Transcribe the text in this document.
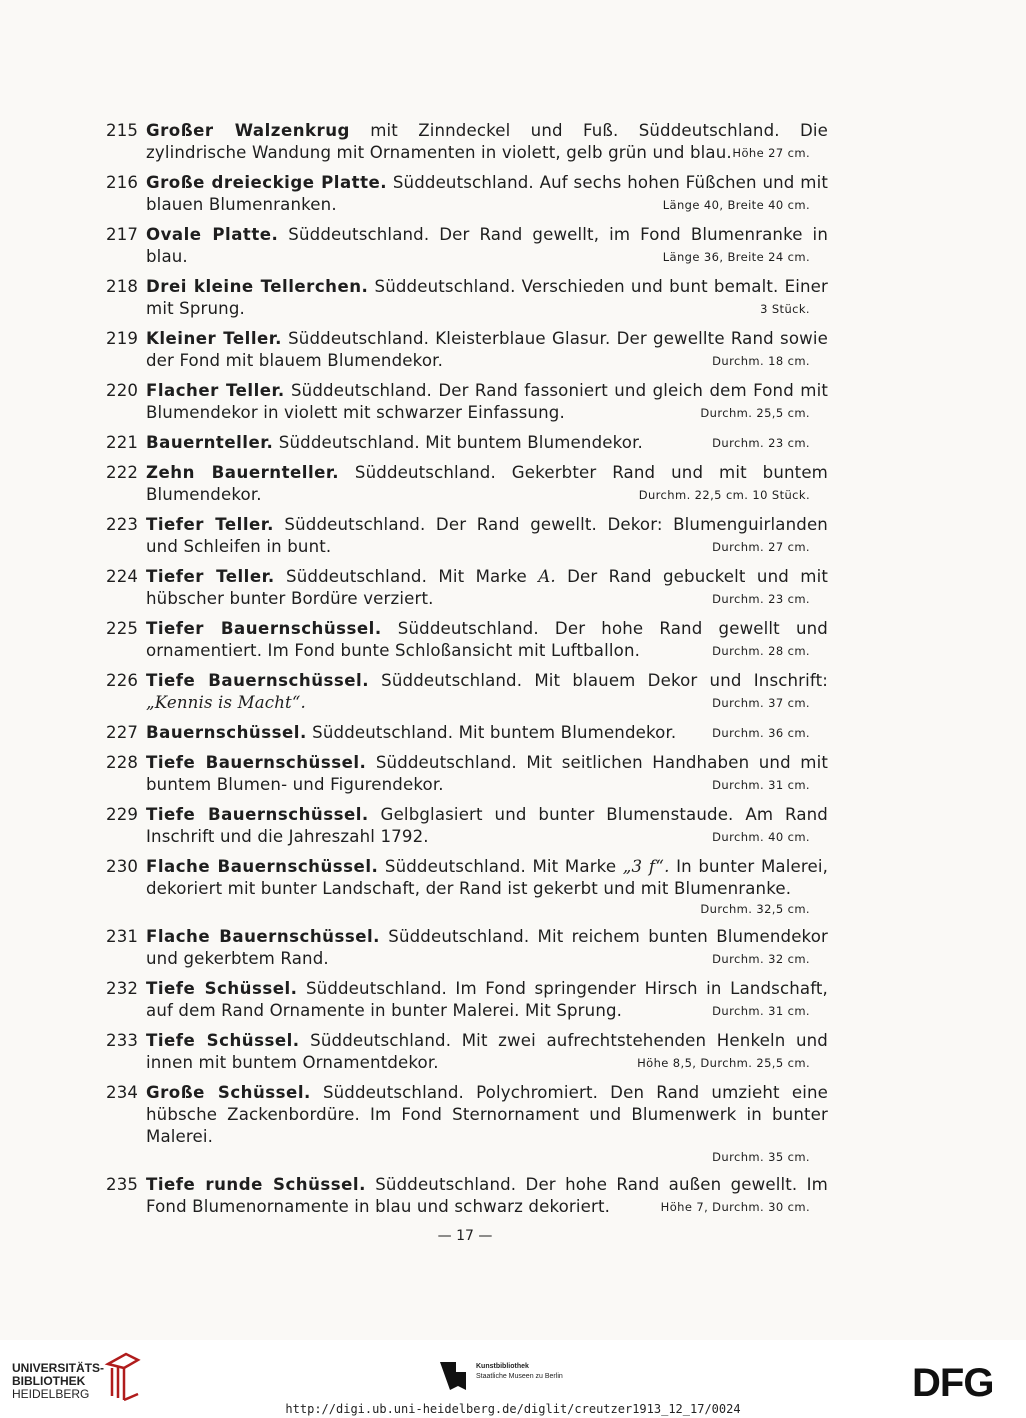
215 Großer Walzenkrug mit Zinndeckel und Fuß. Süddeutschland. Die zylindrische Wandung mit Ornamenten in violett, gelb grün und blau. Höhe 27 cm.
216 Große dreieckige Platte. Süddeutschland. Auf sechs hohen Füßchen und mit blauen Blumenranken.	Länge 40, Breite 40 cm.
217 Ovale Platte. Süddeutschland. Der Rand gewellt, im Fond Blumenranke in blau.	Länge 36, Breite 24 cm.
218 Drei kleine Tellerchen. Süddeutschland. Verschieden und bunt bemalt. Einer mit Sprung.	3 Stück.
219 Kleiner Teller. Süddeutschland. Kleisterblaue Glasur. Der gewellte Rand sowie der Fond mit blauem Blumendekor.	Durchm. 18 cm.
220 Flacher Teller. Süddeutschland. Der Rand fassoniert und gleich dem Fond mit Blumendekor in violett mit schwarzer Einfassung.	Durchm. 25,5 cm.
221 Bauernteller. Süddeutschland. Mit buntem Blumendekor.	Durchm. 23 cm.
222 Zehn Bauernteller. Süddeutschland. Gekerbter Rand und mit buntem Blumendekor.	Durchm. 22,5 cm. 10 Stück.
223 Tiefer Teller. Süddeutschland. Der Rand gewellt. Dekor: Blumenguirlanden und Schleifen in bunt.	Durchm. 27 cm.
224 Tiefer Teller. Süddeutschland. Mit Marke A. Der Rand gebuckelt und mit hübscher bunter Bordüre verziert.	Durchm. 23 cm.
225 Tiefer Bauernschüssel. Süddeutschland. Der hohe Rand gewellt und ornamentiert. Im Fond bunte Schloßansicht mit Luftballon.	Durchm. 28 cm.
226 Tiefe Bauernschüssel. Süddeutschland. Mit blauem Dekor und Inschrift: „Kennis is Macht“.	Durchm. 37 cm.
227 Bauernschüssel. Süddeutschland. Mit buntem Blumendekor.	Durchm. 36 cm.
228 Tiefe Bauernschüssel. Süddeutschland. Mit seitlichen Handhaben und mit buntem Blumen- und Figurendekor.	Durchm. 31 cm.
229 Tiefe Bauernschüssel. Gelbglasiert und bunter Blumenstaude. Am Rand Inschrift und die Jahreszahl 1792.	Durchm. 40 cm.
230 Flache Bauernschüssel. Süddeutschland. Mit Marke „3 f“. In bunter Malerei, dekoriert mit bunter Landschaft, der Rand ist gekerbt und mit Blumenranke.
Durchm. 32,5 cm.
231 Flache Bauernschüssel. Süddeutschland. Mit reichem bunten Blumendekor und gekerbtem Rand.	Durchm. 32 cm.
232 Tiefe Schüssel. Süddeutschland. Im Fond springender Hirsch in Landschaft, auf dem Rand Ornamente in bunter Malerei. Mit Sprung.	Durchm. 31 cm.
233 Tiefe Schüssel. Süddeutschland. Mit zwei aufrechtstehenden Henkeln und innen mit buntem Ornamentdekor.	Höhe 8,5, Durchm. 25,5 cm.
234 Große Schüssel. Süddeutschland. Polychromiert. Den Rand umzieht eine hübsche Zackenbordüre. Im Fond Sternornament und Blumenwerk in bunter Malerei.
Durchm. 35 cm.
235 Tiefe runde Schüssel. Süddeutschland. Der hohe Rand außen gewellt. Im Fond Blumenornamente in blau und schwarz dekoriert.	Höhe 7, Durchm. 30 cm.
— 17 —
UNIVERSITÄTS-
BIBLIOTHEK
HEIDELBERG
Kunstbibliothek
Staatliche Museen zu Berlin	DFG
http://digi.ub.uni-heidelberg.de/diglit/creutzer1913_12_17/0024
